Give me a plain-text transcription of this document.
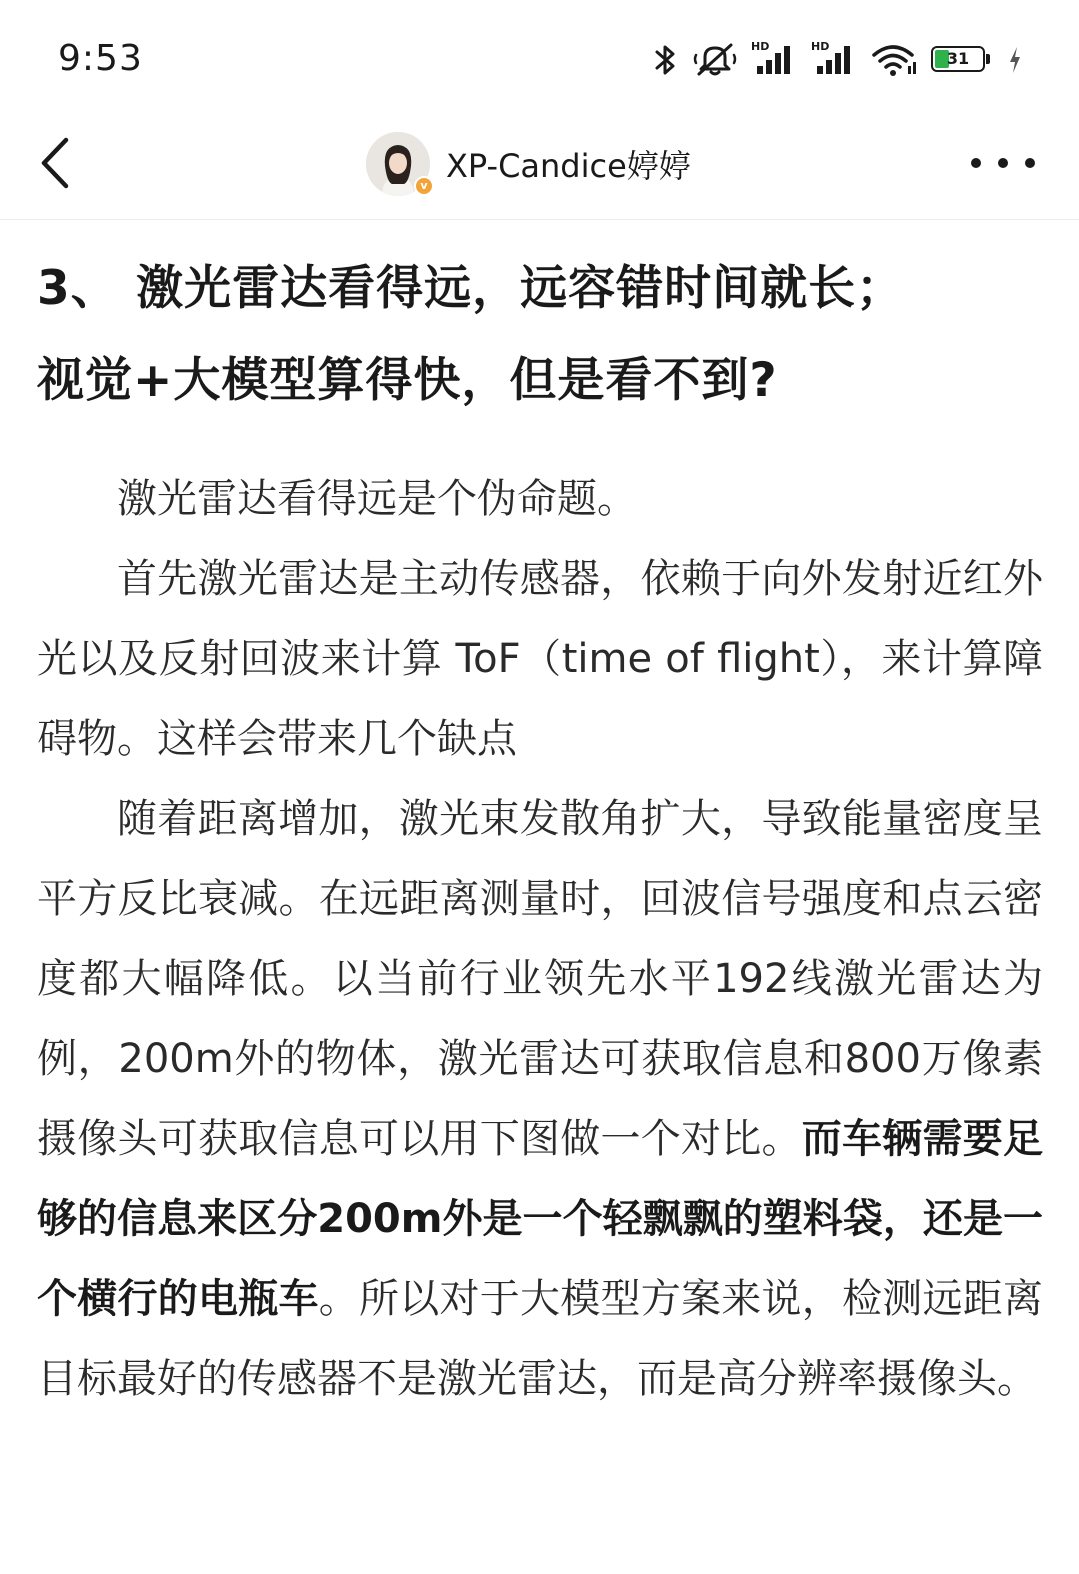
9:53	HD	HD
31
v
XP-Candice婷婷
3、 激光雷达看得远，远容错时间就长；
视觉+大模型算得快，但是看不到?

激光雷达看得远是个伪命题。

首先激光雷达是主动传感器，依赖于向外发射近红外光以及反射回波来计算 ToF（time of flight），来计算障碍物。这样会带来几个缺点

随着距离增加，激光束发散角扩大，导致能量密度呈平方反比衰减。在远距离测量时，回波信号强度和点云密度都大幅降低。以当前行业领先水平192线激光雷达为例，200m外的物体，激光雷达可获取信息和800万像素摄像头可获取信息可以用下图做一个对比。而车辆需要足够的信息来区分200m外是一个轻飘飘的塑料袋，还是一个横行的电瓶车。所以对于大模型方案来说，检测远距离目标最好的传感器不是激光雷达，而是高分辨率摄像头。
